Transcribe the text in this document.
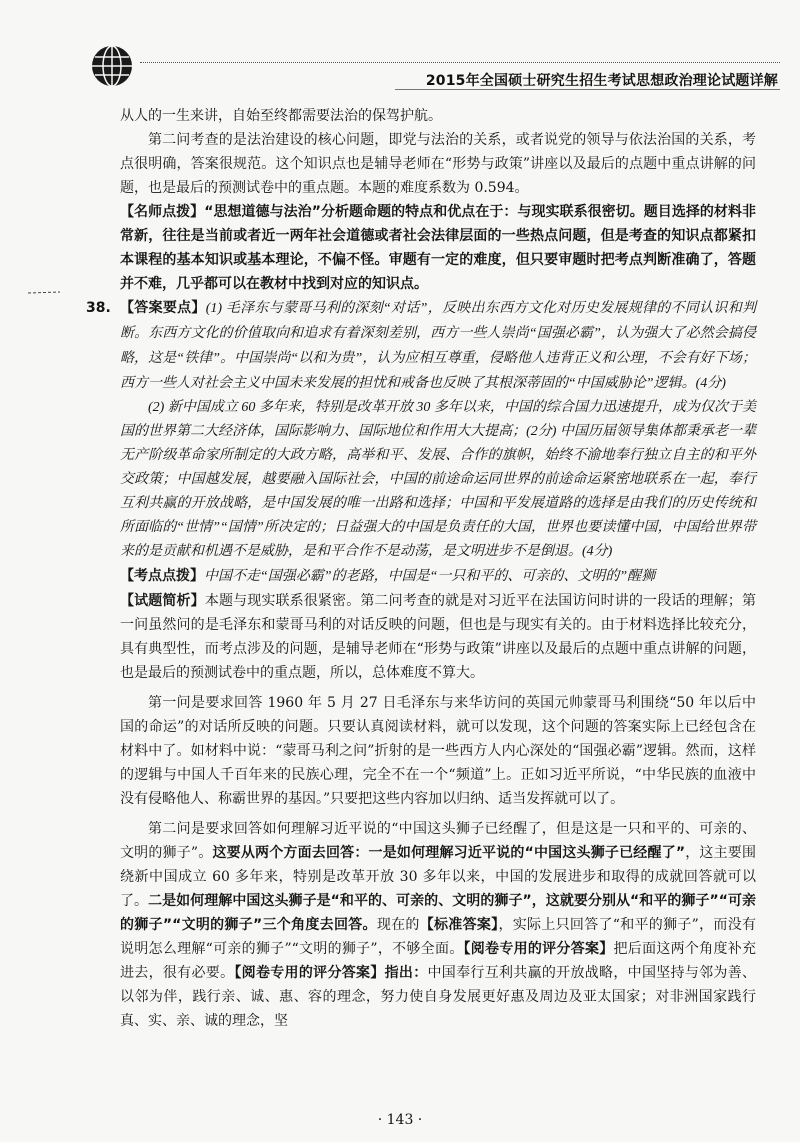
2015年全国硕士研究生招生考试思想政治理论试题详解

从人的一生来讲，自始至终都需要法治的保驾护航。

第二问考查的是法治建设的核心问题，即党与法治的关系，或者说党的领导与依法治国的关系，考点很明确，答案很规范。这个知识点也是辅导老师在“形势与政策”讲座以及最后的点题中重点讲解的问题，也是最后的预测试卷中的重点题。本题的难度系数为 0.594。

【名师点拨】“思想道德与法治”分析题命题的特点和优点在于：与现实联系很密切。题目选择的材料非常新，往往是当前或者近一两年社会道德或者社会法律层面的一些热点问题，但是考查的知识点都紧扣本课程的基本知识或基本理论，不偏不怪。审题有一定的难度，但只要审题时把考点判断准确了，答题并不难，几乎都可以在教材中找到对应的知识点。

38. 【答案要点】(1) 毛泽东与蒙哥马利的深刻“对话”，反映出东西方文化对历史发展规律的不同认识和判断。东西方文化的价值取向和追求有着深刻差别，西方一些人崇尚“国强必霸”，认为强大了必然会搞侵略，这是“铁律”。中国崇尚“以和为贵”，认为应相互尊重，侵略他人违背正义和公理，不会有好下场；西方一些人对社会主义中国未来发展的担忧和戒备也反映了其根深蒂固的“中国威胁论”逻辑。(4分)

(2) 新中国成立 60 多年来，特别是改革开放 30 多年以来，中国的综合国力迅速提升，成为仅次于美国的世界第二大经济体，国际影响力、国际地位和作用大大提高；(2分) 中国历届领导集体都秉承老一辈无产阶级革命家所制定的大政方略，高举和平、发展、合作的旗帜，始终不渝地奉行独立自主的和平外交政策；中国越发展，越要融入国际社会，中国的前途命运同世界的前途命运紧密地联系在一起，奉行互利共赢的开放战略，是中国发展的唯一出路和选择；中国和平发展道路的选择是由我们的历史传统和所面临的“世情”“国情”所决定的；日益强大的中国是负责任的大国，世界也要读懂中国，中国给世界带来的是贡献和机遇不是威胁，是和平合作不是动荡，是文明进步不是倒退。(4分)

【考点点拨】中国不走“国强必霸”的老路，中国是“一只和平的、可亲的、文明的”醒狮

【试题简析】本题与现实联系很紧密。第二问考查的就是对习近平在法国访问时讲的一段话的理解；第一问虽然问的是毛泽东和蒙哥马利的对话反映的问题，但也是与现实有关的。由于材料选择比较充分，具有典型性，而考点涉及的问题，是辅导老师在“形势与政策”讲座以及最后的点题中重点讲解的问题，也是最后的预测试卷中的重点题，所以，总体难度不算大。

第一问是要求回答 1960 年 5 月 27 日毛泽东与来华访问的英国元帅蒙哥马利围绕“50 年以后中国的命运”的对话所反映的问题。只要认真阅读材料，就可以发现，这个问题的答案实际上已经包含在材料中了。如材料中说：“蒙哥马利之问”折射的是一些西方人内心深处的“国强必霸”逻辑。然而，这样的逻辑与中国人千百年来的民族心理，完全不在一个“频道”上。正如习近平所说，“中华民族的血液中没有侵略他人、称霸世界的基因。”只要把这些内容加以归纳、适当发挥就可以了。

第二问是要求回答如何理解习近平说的“中国这头狮子已经醒了，但是这是一只和平的、可亲的、文明的狮子”。这要从两个方面去回答：一是如何理解习近平说的“中国这头狮子已经醒了”，这主要围绕新中国成立 60 多年来，特别是改革开放 30 多年以来，中国的发展进步和取得的成就回答就可以了。二是如何理解中国这头狮子是“和平的、可亲的、文明的狮子”，这就要分别从“和平的狮子”“可亲的狮子”“文明的狮子”三个角度去回答。现在的【标准答案】，实际上只回答了“和平的狮子”，而没有说明怎么理解“可亲的狮子”“文明的狮子”，不够全面。【阅卷专用的评分答案】把后面这两个角度补充进去，很有必要。【阅卷专用的评分答案】指出：中国奉行互利共赢的开放战略，中国坚持与邻为善、以邻为伴，践行亲、诚、惠、容的理念，努力使自身发展更好惠及周边及亚太国家；对非洲国家践行真、实、亲、诚的理念，坚

· 143 ·
